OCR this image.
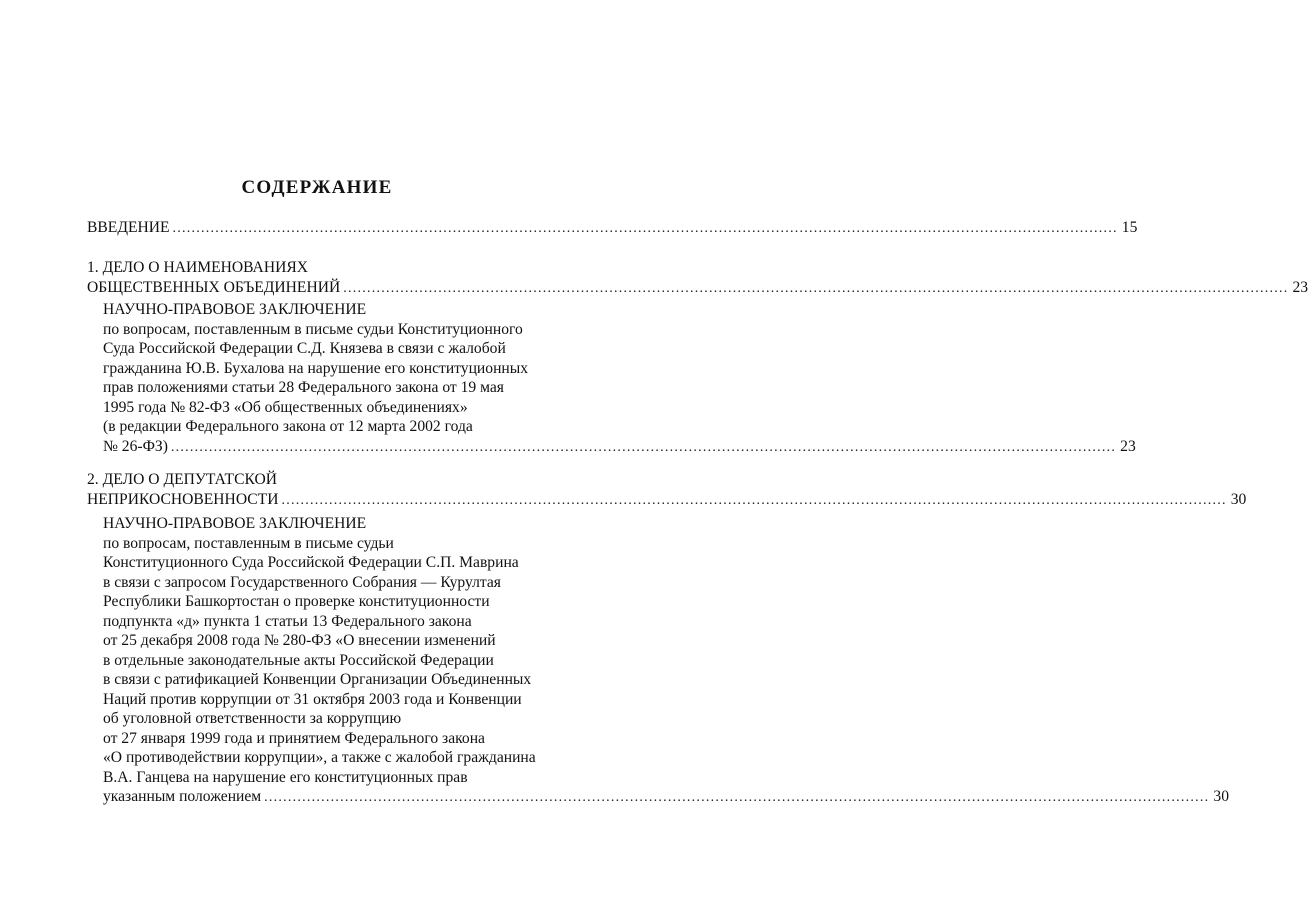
СОДЕРЖАНИЕ
ВВЕДЕНИЕ ....................................................................................................................................................................................................... 15
1. ДЕЛО О НАИМЕНОВАНИЯХ
ОБЩЕСТВЕННЫХ ОБЪЕДИНЕНИЙ ....................................................................................................................................................................................................... 23
НАУЧНО-ПРАВОВОЕ ЗАКЛЮЧЕНИЕ
по вопросам, поставленным в письме судьи Конституционного
Суда Российской Федерации С.Д. Князева в связи с жалобой
гражданина Ю.В. Бухалова на нарушение его конституционных
прав положениями статьи 28 Федерального закона от 19 мая
1995 года № 82-ФЗ «Об общественных объединениях»
(в редакции Федерального закона от 12 марта 2002 года
№ 26-ФЗ) ....................................................................................................................................................................................................... 23
2. ДЕЛО О ДЕПУТАТСКОЙ
НЕПРИКОСНОВЕННОСТИ ....................................................................................................................................................................................................... 30
НАУЧНО-ПРАВОВОЕ ЗАКЛЮЧЕНИЕ
по вопросам, поставленным в письме судьи
Конституционного Суда Российской Федерации С.П. Маврина
в связи с запросом Государственного Собрания — Курултая
Республики Башкортостан о проверке конституционности
подпункта «д» пункта 1 статьи 13 Федерального закона
от 25 декабря 2008 года № 280-ФЗ «О внесении изменений
в отдельные законодательные акты Российской Федерации
в связи с ратификацией Конвенции Организации Объединенных
Наций против коррупции от 31 октября 2003 года и Конвенции
об уголовной ответственности за коррупцию
от 27 января 1999 года и принятием Федерального закона
«О противодействии коррупции», а также с жалобой гражданина
В.А. Ганцева на нарушение его конституционных прав
указанным положением ....................................................................................................................................................................................................... 30
